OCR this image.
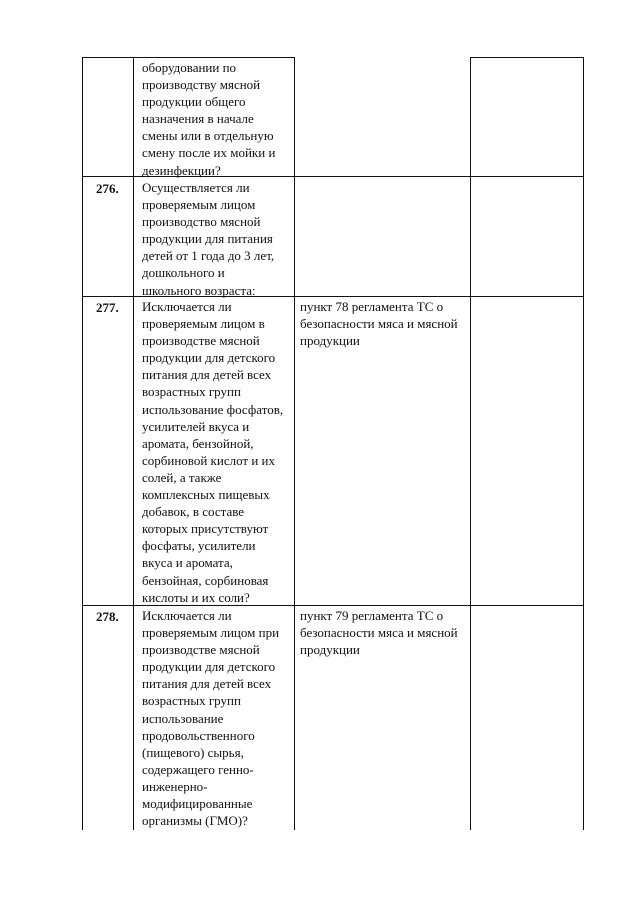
оборудовании по
производству мясной
продукции общего
назначения в начале
смены или в отдельную
смену после их мойки и
дезинфекции?
276. Осуществляется ли
проверяемым лицом
производство мясной
продукции для питания
детей от 1 года до 3 лет,
дошкольного и
школьного возраста:
277. Исключается ли
проверяемым лицом в
производстве мясной
продукции для детского
питания для детей всех
возрастных групп
использование фосфатов,
усилителей вкуса и
аромата, бензойной,
сорбиновой кислот и их
солей, а также
комплексных пищевых
добавок, в составе
которых присутствуют
фосфаты, усилители
вкуса и аромата,
бензойная, сорбиновая
кислоты и их соли?
пункт 78 регламента ТС о
безопасности мяса и мясной
продукции
278. Исключается ли
проверяемым лицом при
производстве мясной
продукции для детского
питания для детей всех
возрастных групп
использование
продовольственного
(пищевого) сырья,
содержащего генно-
инженерно-
модифицированные
организмы (ГМО)?
пункт 79 регламента ТС о
безопасности мяса и мясной
продукции
